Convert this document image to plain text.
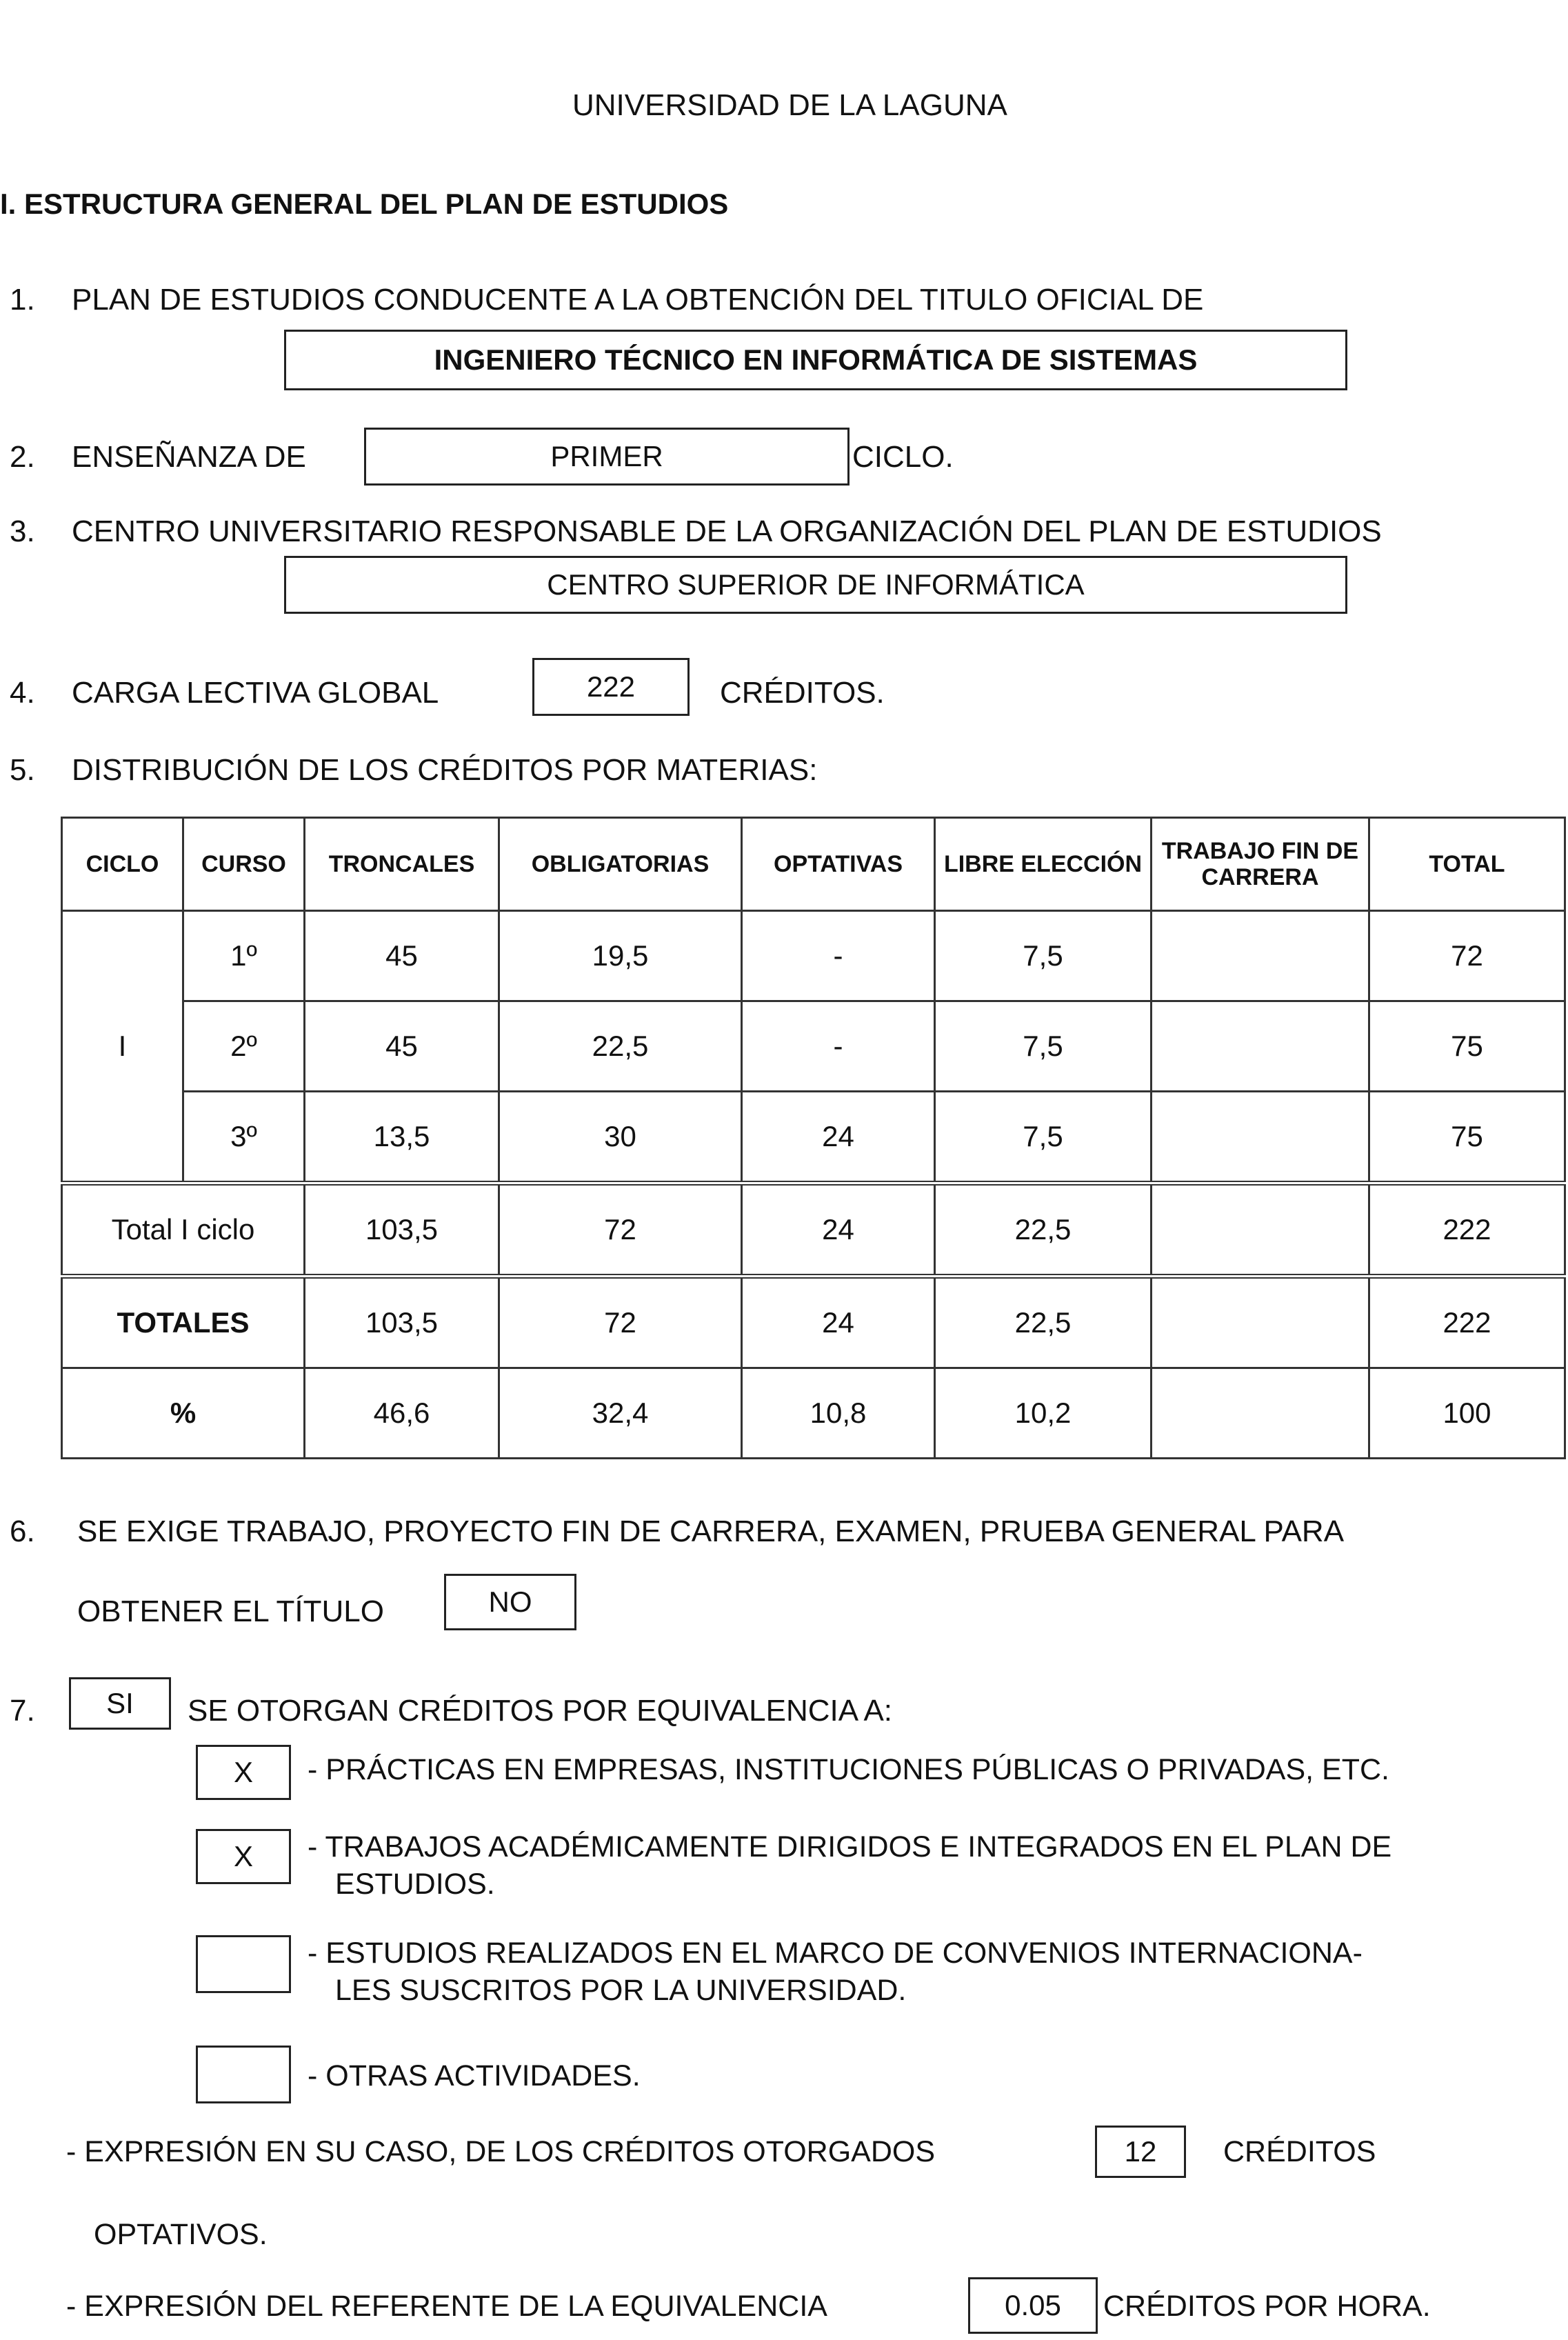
UNIVERSIDAD DE LA LAGUNA
I. ESTRUCTURA GENERAL DEL PLAN DE ESTUDIOS
1. PLAN DE ESTUDIOS CONDUCENTE A LA OBTENCIÓN DEL TITULO OFICIAL DE
INGENIERO TÉCNICO EN INFORMÁTICA DE SISTEMAS
2. ENSEÑANZA DE	PRIMER	CICLO.
3. CENTRO UNIVERSITARIO RESPONSABLE DE LA ORGANIZACIÓN DEL PLAN DE ESTUDIOS
CENTRO SUPERIOR DE INFORMÁTICA
4. CARGA LECTIVA GLOBAL	222	CRÉDITOS.
5. DISTRIBUCIÓN DE LOS CRÉDITOS POR MATERIAS:
CICLO	CURSO	TRONCALES	OBLIGATORIAS	OPTATIVAS	LIBRE ELECCIÓN	TRABAJO FIN DE CARRERA	TOTAL
I	1º	45	19,5	-	7,5		72
	2º	45	22,5	-	7,5		75
	3º	13,5	30	24	7,5		75
Total I ciclo		103,5	72	24	22,5		222
TOTALES		103,5	72	24	22,5		222
%		46,6	32,4	10,8	10,2		100
6. SE EXIGE TRABAJO, PROYECTO FIN DE CARRERA, EXAMEN, PRUEBA GENERAL PARA
OBTENER EL TÍTULO	NO
7.	SI	SE OTORGAN CRÉDITOS POR EQUIVALENCIA A:
X	- PRÁCTICAS EN EMPRESAS, INSTITUCIONES PÚBLICAS O PRIVADAS, ETC.
X	- TRABAJOS ACADÉMICAMENTE DIRIGIDOS E INTEGRADOS EN EL PLAN DE
ESTUDIOS.
- ESTUDIOS REALIZADOS EN EL MARCO DE CONVENIOS INTERNACIONA-
LES SUSCRITOS POR LA UNIVERSIDAD.
- OTRAS ACTIVIDADES.
- EXPRESIÓN EN SU CASO, DE LOS CRÉDITOS OTORGADOS	12	CRÉDITOS
OPTATIVOS.
- EXPRESIÓN DEL REFERENTE DE LA EQUIVALENCIA	0.05	CRÉDITOS POR HORA.
